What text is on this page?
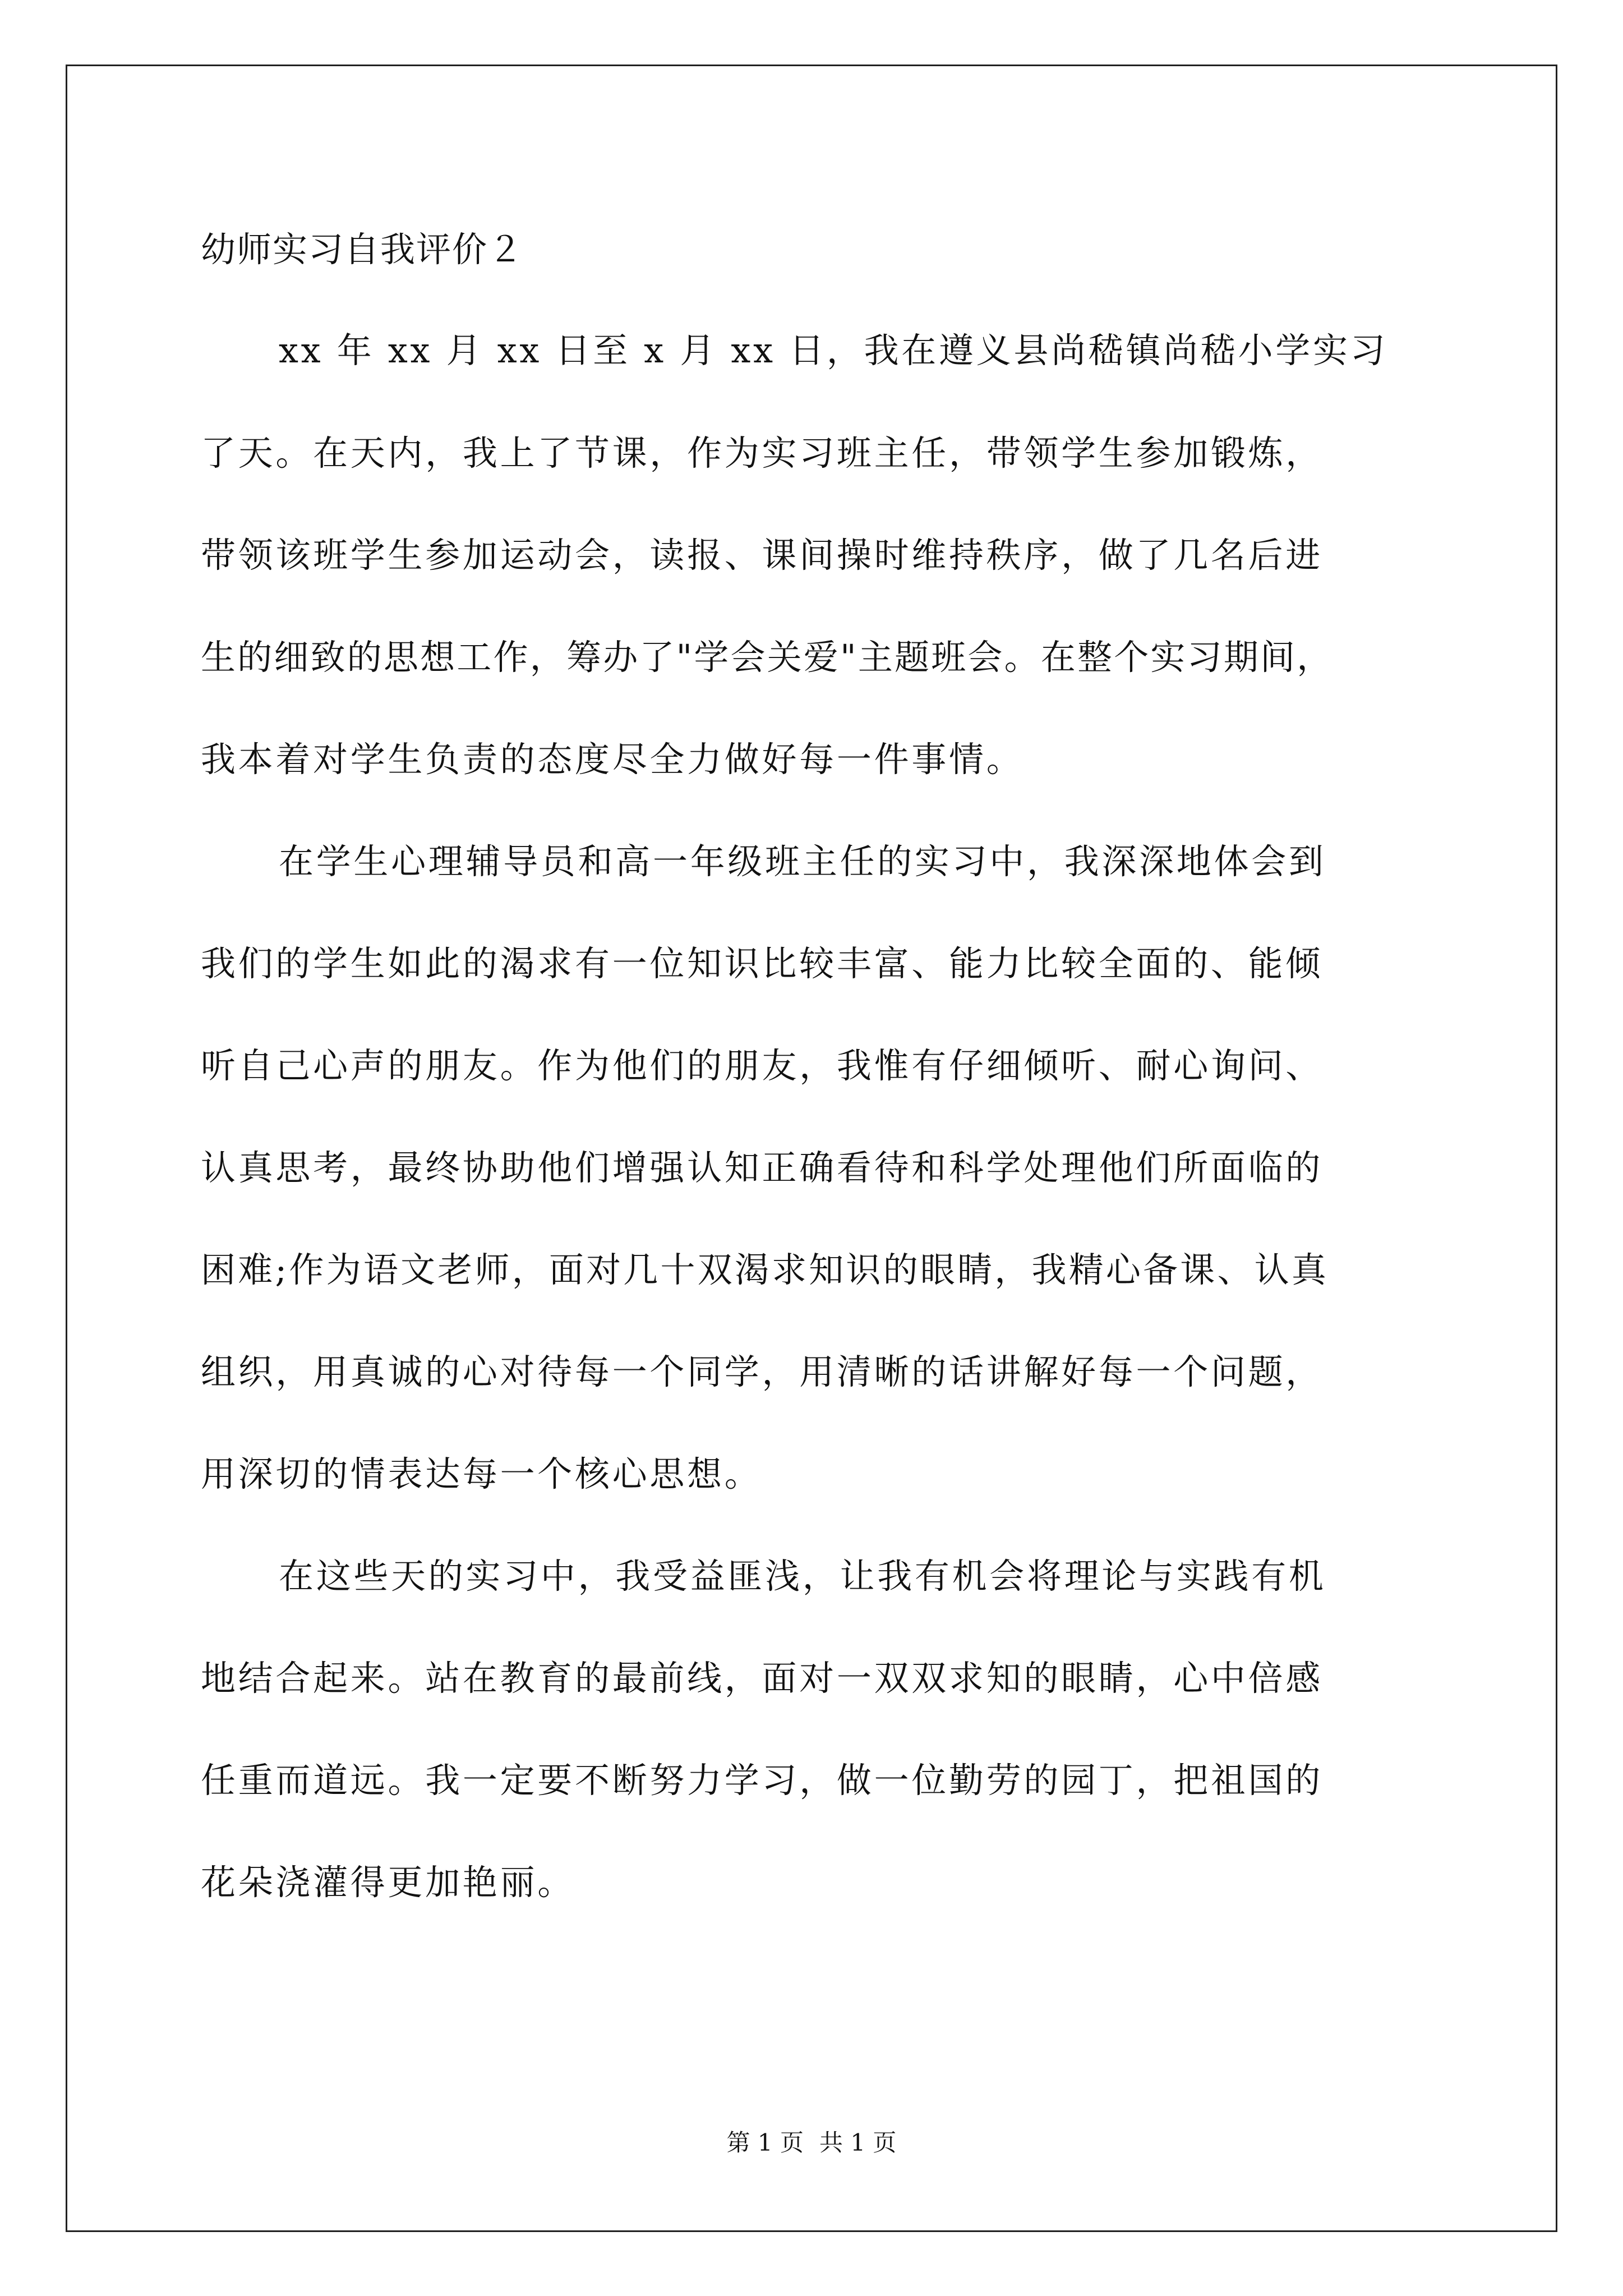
幼师实习自我评价２
xx 年 xx 月 xx 日至 x 月 xx 日，我在遵义县尚嵇镇尚嵇小学实习
了天。在天内，我上了节课，作为实习班主任，带领学生参加锻炼，
带领该班学生参加运动会，读报、课间操时维持秩序，做了几名后进
生的细致的思想工作，筹办了"学会关爱"主题班会。在整个实习期间，
我本着对学生负责的态度尽全力做好每一件事情。
在学生心理辅导员和高一年级班主任的实习中，我深深地体会到
我们的学生如此的渴求有一位知识比较丰富、能力比较全面的、能倾
听自己心声的朋友。作为他们的朋友，我惟有仔细倾听、耐心询问、
认真思考，最终协助他们增强认知正确看待和科学处理他们所面临的
困难;作为语文老师，面对几十双渴求知识的眼睛，我精心备课、认真
组织，用真诚的心对待每一个同学，用清晰的话讲解好每一个问题，
用深切的情表达每一个核心思想。
在这些天的实习中，我受益匪浅，让我有机会将理论与实践有机
地结合起来。站在教育的最前线，面对一双双求知的眼睛，心中倍感
任重而道远。我一定要不断努力学习，做一位勤劳的园丁，把祖国的
花朵浇灌得更加艳丽。
第 1 页 共 1 页
